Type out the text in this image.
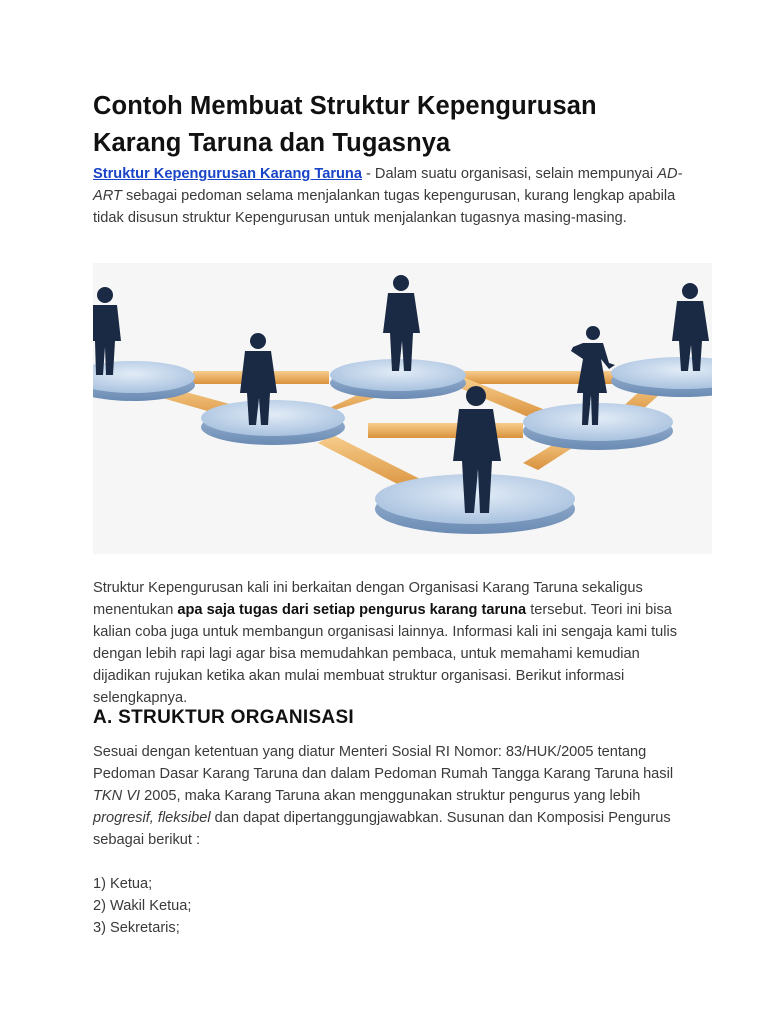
Contoh Membuat Struktur Kepengurusan
Karang Taruna dan Tugasnya

Struktur Kepengurusan Karang Taruna - Dalam suatu organisasi, selain mempunyai AD-ART sebagai pedoman selama menjalankan tugas kepengurusan, kurang lengkap apabila tidak disusun struktur Kepengurusan untuk menjalankan tugasnya masing-masing.

Struktur Kepengurusan kali ini berkaitan dengan Organisasi Karang Taruna sekaligus menentukan apa saja tugas dari setiap pengurus karang taruna tersebut. Teori ini bisa kalian coba juga untuk membangun organisasi lainnya. Informasi kali ini sengaja kami tulis dengan lebih rapi lagi agar bisa memudahkan pembaca, untuk memahami kemudian dijadikan rujukan ketika akan mulai membuat struktur organisasi. Berikut informasi selengkapnya.

A. STRUKTUR ORGANISASI

Sesuai dengan ketentuan yang diatur Menteri Sosial RI Nomor: 83/HUK/2005 tentang Pedoman Dasar Karang Taruna dan dalam Pedoman Rumah Tangga Karang Taruna hasil TKN VI 2005, maka Karang Taruna akan menggunakan struktur pengurus yang lebih progresif, fleksibel dan dapat dipertanggungjawabkan. Susunan dan Komposisi Pengurus sebagai berikut :

1) Ketua;
2) Wakil Ketua;
3) Sekretaris;
